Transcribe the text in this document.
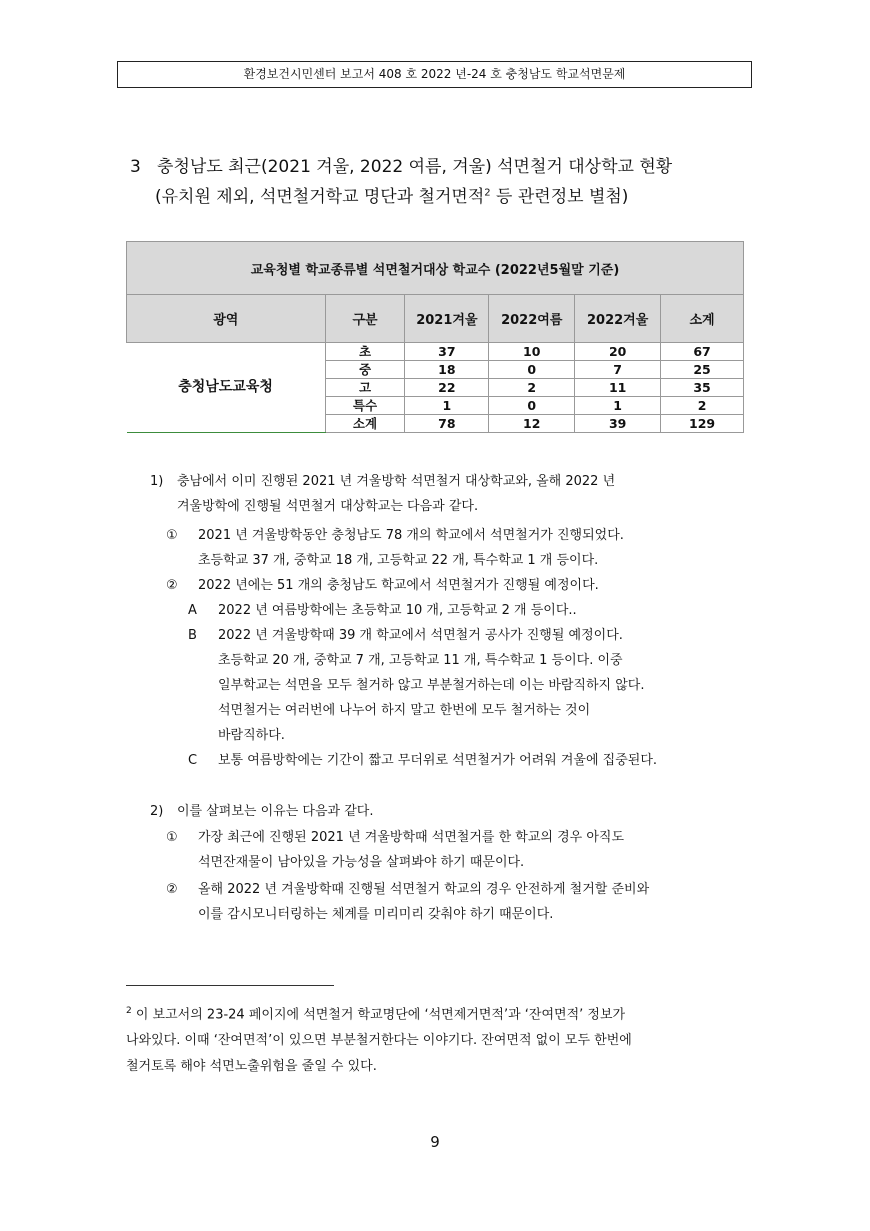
환경보건시민센터 보고서 408 호 2022 년-24 호 충청남도 학교석면문제
3 충청남도 최근(2021 겨울, 2022 여름, 겨울) 석면철거 대상학교 현황
(유치원 제외, 석면철거학교 명단과 철거면적$^2$ 등 관련정보 별첨)
교육청별 학교종류별 석면철거대상 학교수 (2022년5월말 기준)					
광역	구분	2021겨울	2022여름	2022겨울	소계
충청남도교육청	초	37	10	20	67
	중	18	0	7	25
	고	22	2	11	35
	특수	1	0	1	2
	소계	78	12	39	129
1) 충남에서 이미 진행된 2021 년 겨울방학 석면철거 대상학교와, 올해 2022 년
겨울방학에 진행될 석면철거 대상학교는 다음과 같다.
① 2021 년 겨울방학동안 충청남도 78 개의 학교에서 석면철거가 진행되었다.
초등학교 37 개, 중학교 18 개, 고등학교 22 개, 특수학교 1 개 등이다.
② 2022 년에는 51 개의 충청남도 학교에서 석면철거가 진행될 예정이다.
A 2022 년 여름방학에는 초등학교 10 개, 고등학교 2 개 등이다..
B 2022 년 겨울방학때 39 개 학교에서 석면철거 공사가 진행될 예정이다.
초등학교 20 개, 중학교 7 개, 고등학교 11 개, 특수학교 1 등이다. 이중
일부학교는 석면을 모두 철거하 않고 부분철거하는데 이는 바람직하지 않다.
석면철거는 여러번에 나누어 하지 말고 한번에 모두 철거하는 것이
바람직하다.
C 보통 여름방학에는 기간이 짧고 무더위로 석면철거가 어려워 겨울에 집중된다.
2) 이를 살펴보는 이유는 다음과 같다.
① 가장 최근에 진행된 2021 년 겨울방학때 석면철거를 한 학교의 경우 아직도
석면잔재물이 남아있을 가능성을 살펴봐야 하기 때문이다.
② 올해 2022 년 겨울방학때 진행될 석면철거 학교의 경우 안전하게 철거할 준비와
이를 감시모니터링하는 체계를 미리미리 갖춰야 하기 때문이다.

$^2$ 이 보고서의 23-24 페이지에 석면철거 학교명단에 ‘석면제거면적’과 ‘잔여면적’ 정보가

나와있다. 이때 ‘잔여면적’이 있으면 부분철거한다는 이야기다. 잔여면적 없이 모두 한번에

철거토록 해야 석면노출위험을 줄일 수 있다.

9
